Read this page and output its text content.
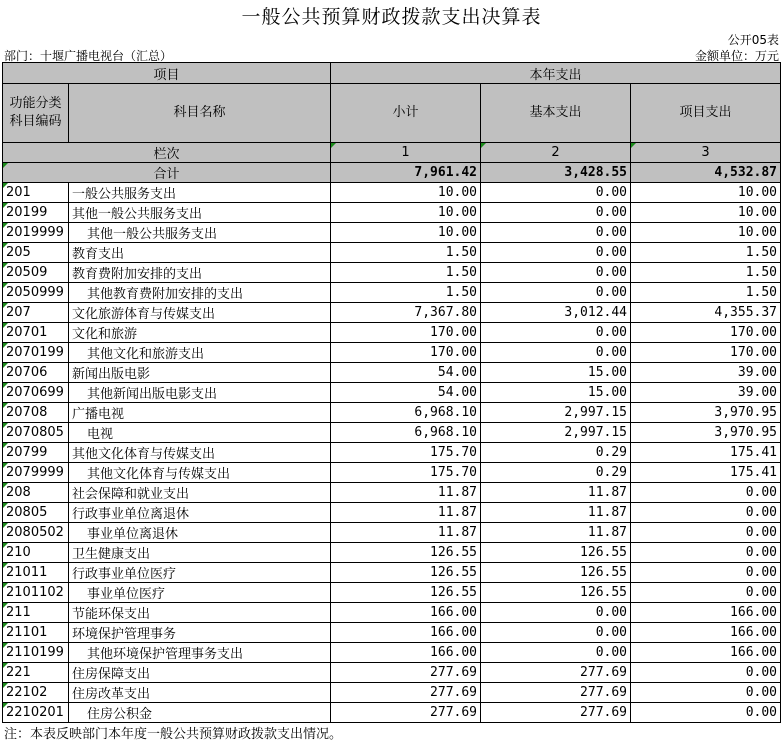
一般公共预算财政拨款支出决算表
公开05表
部门：十堰广播电视台（汇总）	金额单位：万元
项目		本年支出		
功能分类科目编码	科目名称	小计	基本支出	项目支出
栏次		1	2	3
合计		7,961.42	3,428.55	4,532.87
201	一般公共服务支出	10.00	0.00	10.00
20199	其他一般公共服务支出	10.00	0.00	10.00
2019999	其他一般公共服务支出	10.00	0.00	10.00
205	教育支出	1.50	0.00	1.50
20509	教育费附加安排的支出	1.50	0.00	1.50
2050999	其他教育费附加安排的支出	1.50	0.00	1.50
207	文化旅游体育与传媒支出	7,367.80	3,012.44	4,355.37
20701	文化和旅游	170.00	0.00	170.00
2070199	其他文化和旅游支出	170.00	0.00	170.00
20706	新闻出版电影	54.00	15.00	39.00
2070699	其他新闻出版电影支出	54.00	15.00	39.00
20708	广播电视	6,968.10	2,997.15	3,970.95
2070805	电视	6,968.10	2,997.15	3,970.95
20799	其他文化体育与传媒支出	175.70	0.29	175.41
2079999	其他文化体育与传媒支出	175.70	0.29	175.41
208	社会保障和就业支出	11.87	11.87	0.00
20805	行政事业单位离退休	11.87	11.87	0.00
2080502	事业单位离退休	11.87	11.87	0.00
210	卫生健康支出	126.55	126.55	0.00
21011	行政事业单位医疗	126.55	126.55	0.00
2101102	事业单位医疗	126.55	126.55	0.00
211	节能环保支出	166.00	0.00	166.00
21101	环境保护管理事务	166.00	0.00	166.00
2110199	其他环境保护管理事务支出	166.00	0.00	166.00
221	住房保障支出	277.69	277.69	0.00
22102	住房改革支出	277.69	277.69	0.00
2210201	住房公积金	277.69	277.69	0.00
注：本表反映部门本年度一般公共预算财政拨款支出情况。
